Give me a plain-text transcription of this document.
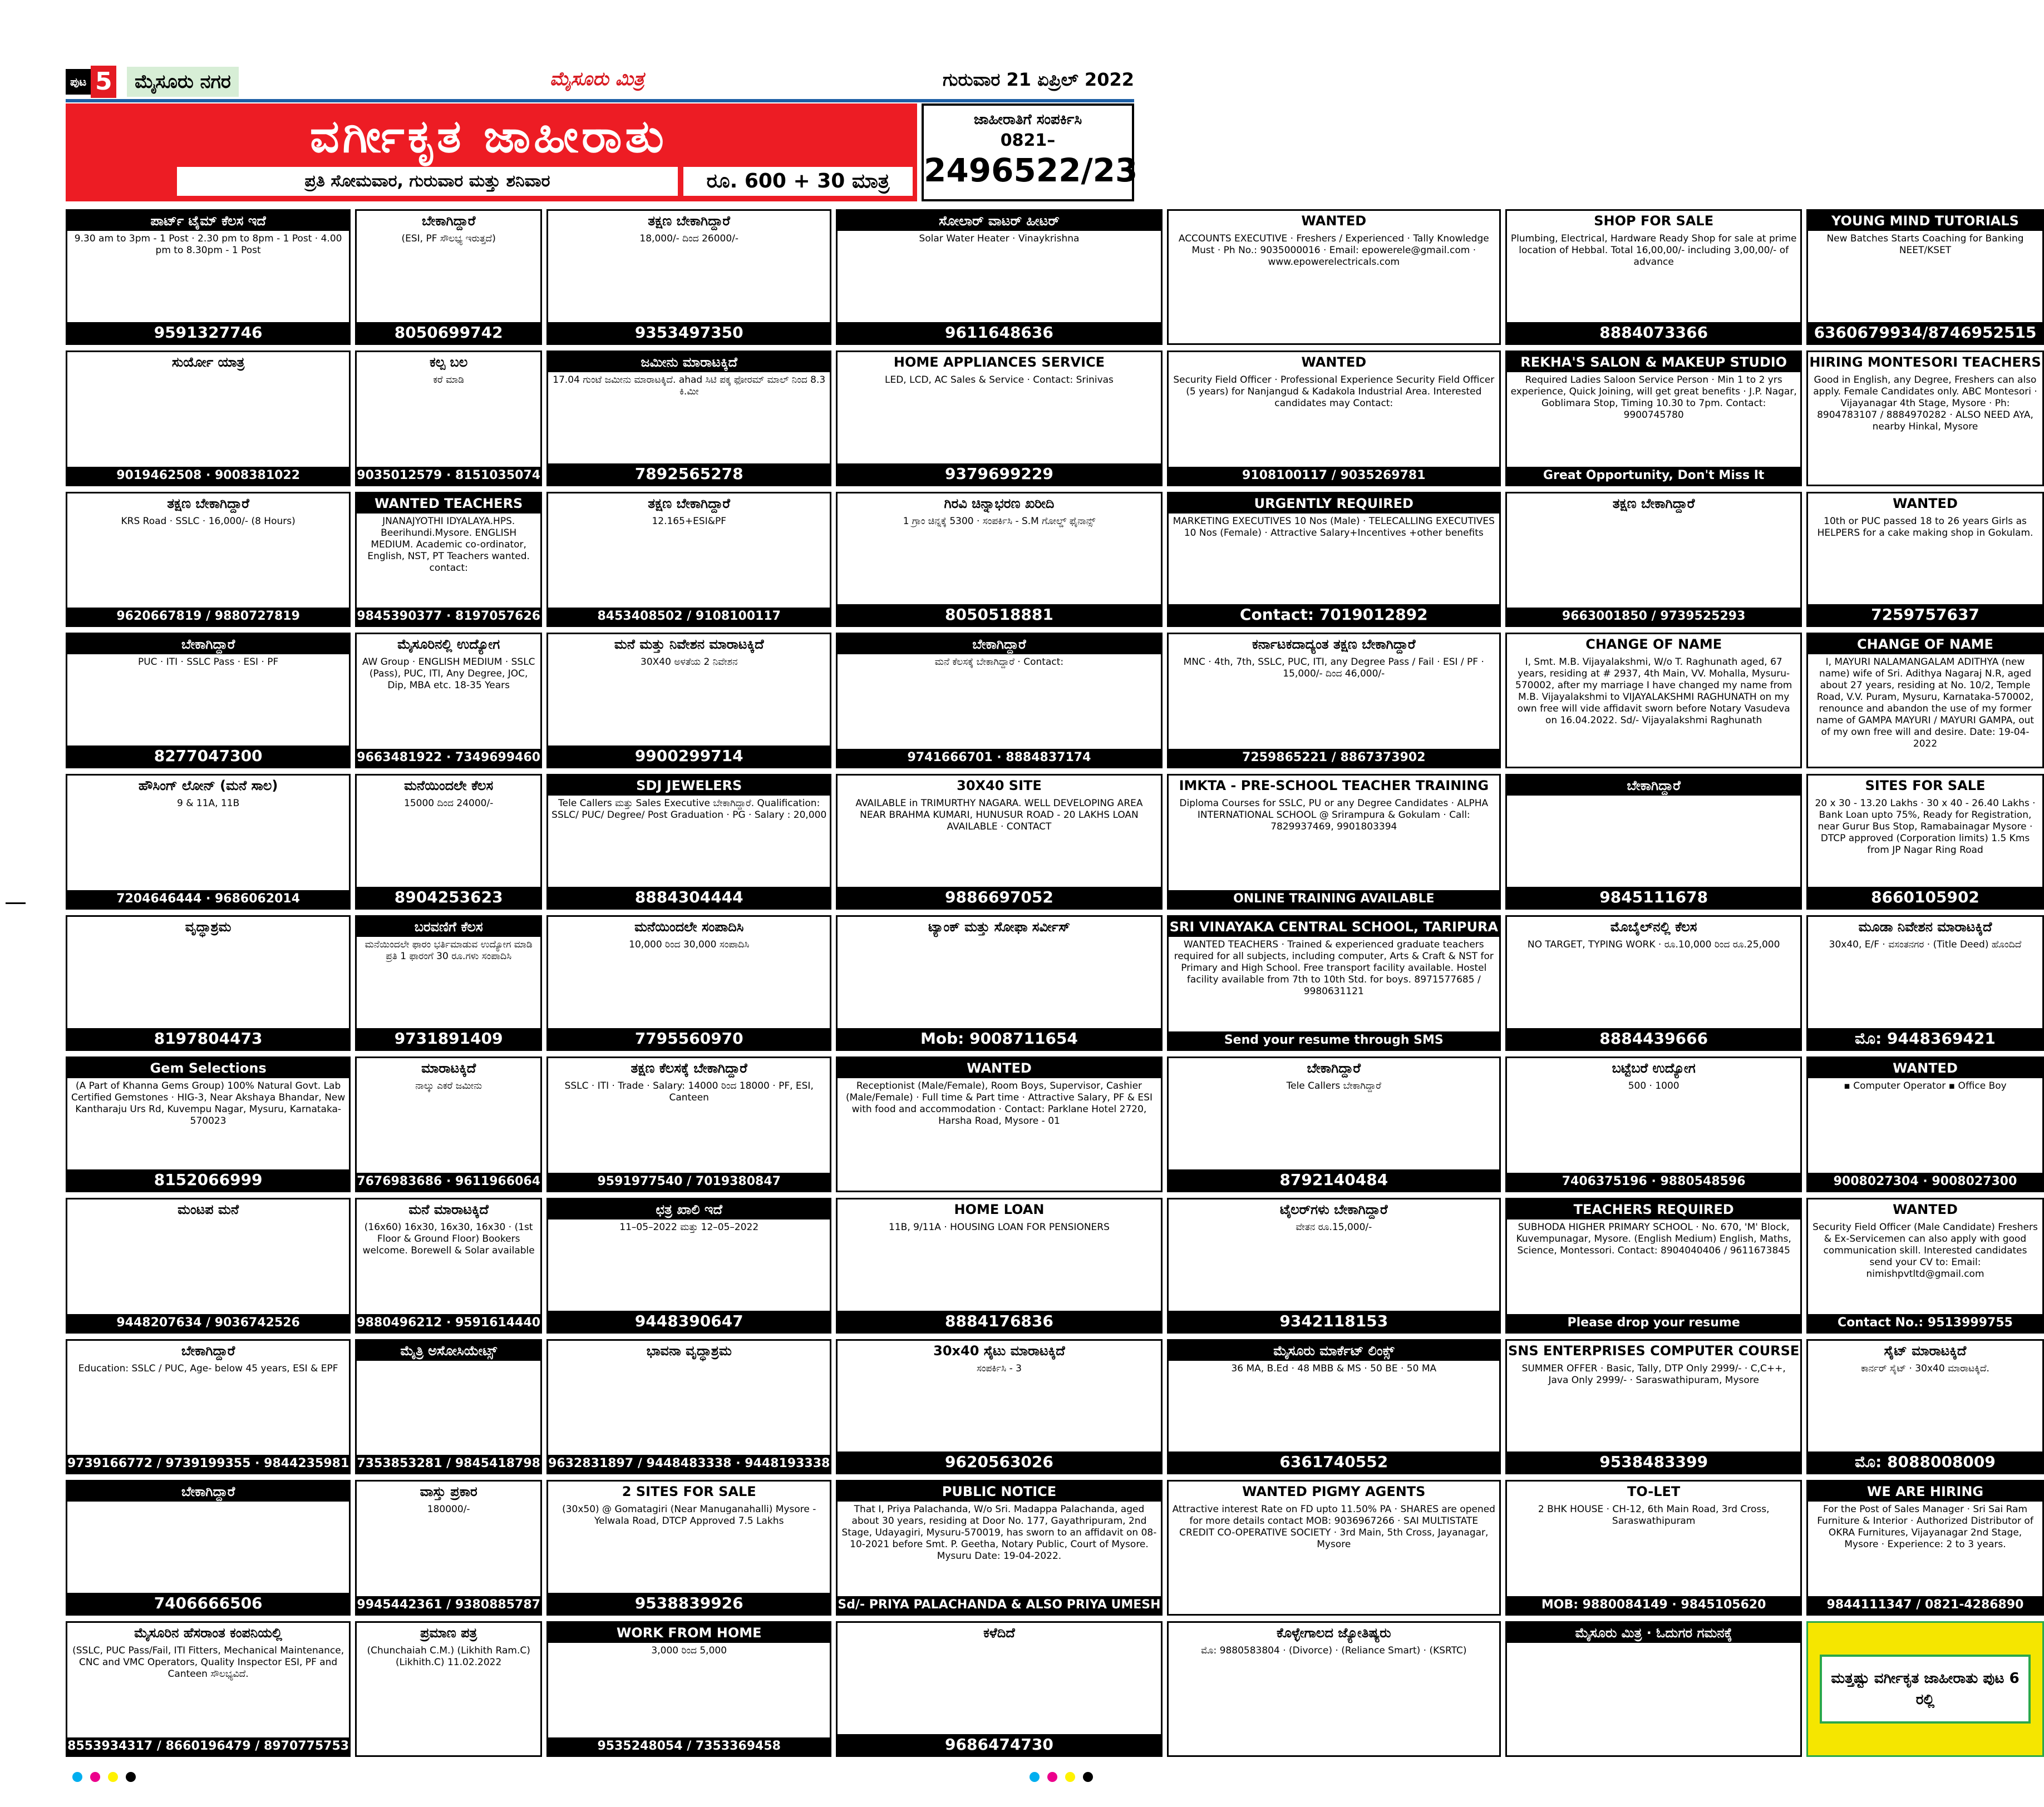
ಪುಟ 5	ಮೈಸೂರು ನಗರ	ಮೈಸೂರು ಮಿತ್ರ	ಗುರುವಾರ 21 ಏಪ್ರಿಲ್ 2022
ವರ್ಗೀಕೃತ ಜಾಹೀರಾತು
ಪ್ರತಿ ಸೋಮವಾರ, ಗುರುವಾರ ಮತ್ತು ಶನಿವಾರ	ರೂ. 600 + 30 ಮಾತ್ರ
ಜಾಹೀರಾತಿಗೆ ಸಂಪರ್ಕಿಸಿ
0821–
2496522/23
ಪಾರ್ಟ್ ಟೈಮ್ ಕೆಲಸ ಇದೆ
9.30 am to 3pm - 1 Post · 2.30 pm to 8pm - 1 Post · 4.00 pm to 8.30pm - 1 Post
9591327746
ಬೇಕಾಗಿದ್ದಾರೆ
(ESI, PF ಸೌಲಭ್ಯ ಇರುತ್ತದೆ)
8050699742
ತಕ್ಷಣ ಬೇಕಾಗಿದ್ದಾರೆ
18,000/- ದಿಂದ 26000/-
9353497350
ಸೋಲಾರ್ ವಾಟರ್ ಹೀಟರ್
Solar Water Heater · Vinaykrishna
9611648636
WANTED
ACCOUNTS EXECUTIVE · Freshers / Experienced · Tally Knowledge Must · Ph No.: 9035000016 · Email: epowerele@gmail.com · www.epowerelectricals.com
SHOP FOR SALE
Plumbing, Electrical, Hardware Ready Shop for sale at prime location of Hebbal. Total 16,00,00/- including 3,00,00/- of advance
8884073366
YOUNG MIND TUTORIALS
New Batches Starts Coaching for Banking NEET/KSET
6360679934/8746952515
ಸುರ್ಯೋ ಯಾತ್ರ
9019462508 · 9008381022
ಕಲ್ಪ ಬಲ
ಕರೆ ಮಾಡಿ
9035012579 · 8151035074
ಜಮೀನು ಮಾರಾಟಕ್ಕಿದೆ
17.04 ಗುಂಟೆ ಜಮೀನು ಮಾರಾಟಕ್ಕಿದೆ. ahad ಸಿಟಿ ಪಕ್ಕ ಫೋರಮ್ ಮಾಲ್ ನಿಂದ 8.3 ಕಿ.ಮೀ
7892565278
HOME APPLIANCES SERVICE
LED, LCD, AC Sales & Service · Contact: Srinivas
9379699229
WANTED
Security Field Officer · Professional Experience Security Field Officer (5 years) for Nanjangud & Kadakola Industrial Area. Interested candidates may Contact:
9108100117 / 9035269781
REKHA'S SALON & MAKEUP STUDIO
Required Ladies Saloon Service Person · Min 1 to 2 yrs experience, Quick Joining, will get great benefits · J.P. Nagar, Goblimara Stop, Timing 10.30 to 7pm. Contact: 9900745780
Great Opportunity, Don't Miss It
HIRING MONTESORI TEACHERS
Good in English, any Degree, Freshers can also apply. Female Candidates only. ABC Montesori · Vijayanagar 4th Stage, Mysore · Ph: 8904783107 / 8884970282 · ALSO NEED AYA, nearby Hinkal, Mysore
ತಕ್ಷಣ ಬೇಕಾಗಿದ್ದಾರೆ
KRS Road · SSLC · 16,000/- (8 Hours)
9620667819 / 9880727819
WANTED TEACHERS
JNANAJYOTHI IDYALAYA.HPS. Beerihundi.Mysore. ENGLISH MEDIUM. Academic co-ordinator, English, NST, PT Teachers wanted. contact:
9845390377 · 8197057626
ತಕ್ಷಣ ಬೇಕಾಗಿದ್ದಾರೆ
12.165+ESI&PF
8453408502 / 9108100117
ಗಿರವಿ ಚಿನ್ನಾಭರಣ ಖರೀದಿ
1 ಗ್ರಾಂ ಚಿನ್ನಕ್ಕೆ 5300 · ಸಂಪರ್ಕಿಸಿ - S.M ಗೋಲ್ಡ್ ಫೈನಾನ್ಸ್
8050518881
URGENTLY REQUIRED
MARKETING EXECUTIVES 10 Nos (Male) · TELECALLING EXECUTIVES 10 Nos (Female) · Attractive Salary+Incentives +other benefits
Contact: 7019012892
ತಕ್ಷಣ ಬೇಕಾಗಿದ್ದಾರೆ
9663001850 / 9739525293
WANTED
10th or PUC passed 18 to 26 years Girls as HELPERS for a cake making shop in Gokulam.
7259757637
ಬೇಕಾಗಿದ್ದಾರೆ
PUC · ITI · SSLC Pass · ESI · PF
8277047300
ಮೈಸೂರಿನಲ್ಲಿ ಉದ್ಯೋಗ
AW Group · ENGLISH MEDIUM · SSLC (Pass), PUC, ITI, Any Degree, JOC, Dip, MBA etc. 18-35 Years
9663481922 · 7349699460
ಮನೆ ಮತ್ತು ನಿವೇಶನ ಮಾರಾಟಕ್ಕಿದೆ
30X40 ಅಳತೆಯ 2 ನಿವೇಶನ
9900299714
ಬೇಕಾಗಿದ್ದಾರೆ
ಮನೆ ಕೆಲಸಕ್ಕೆ ಬೇಕಾಗಿದ್ದಾರೆ · Contact:
9741666701 · 8884837174
ಕರ್ನಾಟಕದಾದ್ಯಂತ ತಕ್ಷಣ ಬೇಕಾಗಿದ್ದಾರೆ
MNC · 4th, 7th, SSLC, PUC, ITI, any Degree Pass / Fail · ESI / PF · 15,000/- ದಿಂದ 46,000/-
7259865221 / 8867373902
CHANGE OF NAME
I, Smt. M.B. Vijayalakshmi, W/o T. Raghunath aged, 67 years, residing at # 2937, 4th Main, VV. Mohalla, Mysuru-570002, after my marriage I have changed my name from M.B. Vijayalakshmi to VIJAYALAKSHMI RAGHUNATH on my own free will vide affidavit sworn before Notary Vasudeva on 16.04.2022. Sd/- Vijayalakshmi Raghunath
CHANGE OF NAME
I, MAYURI NALAMANGALAM ADITHYA (new name) wife of Sri. Adithya Nagaraj N.R, aged about 27 years, residing at No. 10/2, Temple Road, V.V. Puram, Mysuru, Karnataka-570002, renounce and abandon the use of my former name of GAMPA MAYURI / MAYURI GAMPA, out of my own free will and desire. Date: 19-04-2022
ಹೌಸಿಂಗ್ ಲೋನ್ (ಮನೆ ಸಾಲ)
9 & 11A, 11B
7204646444 · 9686062014
ಮನೆಯಿಂದಲೇ ಕೆಲಸ
15000 ದಿಂದ 24000/-
8904253623
SDJ JEWELERS
Tele Callers ಮತ್ತು Sales Executive ಬೇಕಾಗಿದ್ದಾರೆ. Qualification: SSLC/ PUC/ Degree/ Post Graduation · PG · Salary : 20,000
8884304444
30X40 SITE
AVAILABLE in TRIMURTHY NAGARA. WELL DEVELOPING AREA NEAR BRAHMA KUMARI, HUNUSUR ROAD - 20 LAKHS LOAN AVAILABLE · CONTACT
9886697052
IMKTA - PRE-SCHOOL TEACHER TRAINING
Diploma Courses for SSLC, PU or any Degree Candidates · ALPHA INTERNATIONAL SCHOOL @ Srirampura & Gokulam · Call: 7829937469, 9901803394
ONLINE TRAINING AVAILABLE
ಬೇಕಾಗಿದ್ದಾರೆ
9845111678
SITES FOR SALE
20 x 30 - 13.20 Lakhs · 30 x 40 - 26.40 Lakhs · Bank Loan upto 75%, Ready for Registration, near Gurur Bus Stop, Ramabainagar Mysore · DTCP approved (Corporation limits) 1.5 Kms from JP Nagar Ring Road
8660105902
ವೃದ್ಧಾಶ್ರಮ
8197804473
ಬರವಣಿಗೆ ಕೆಲಸ
ಮನೆಯಿಂದಲೇ ಫಾರಂ ಭರ್ತಿಮಾಡುವ ಉದ್ಯೋಗ ಮಾಡಿ ಪ್ರತಿ 1 ಫಾರಂಗೆ 30 ರೂ.ಗಳು ಸಂಪಾದಿಸಿ
9731891409
ಮನೆಯಿಂದಲೇ ಸಂಪಾದಿಸಿ
10,000 ರಿಂದ 30,000 ಸಂಪಾದಿಸಿ
7795560970
ಟ್ಯಾಂಕ್ ಮತ್ತು ಸೋಫಾ ಸರ್ವೀಸ್
Mob: 9008711654
SRI VINAYAKA CENTRAL SCHOOL, TARIPURA
WANTED TEACHERS · Trained & experienced graduate teachers required for all subjects, including computer, Arts & Craft & NST for Primary and High School. Free transport facility available. Hostel facility available from 7th to 10th Std. for boys. 8971577685 / 9980631121
Send your resume through SMS
ಮೊಬೈಲ್‌ನಲ್ಲಿ ಕೆಲಸ
NO TARGET, TYPING WORK · ರೂ.10,000 ರಿಂದ ರೂ.25,000
8884439666
ಮೂಡಾ ನಿವೇಶನ ಮಾರಾಟಕ್ಕಿದೆ
30x40, E/F · ವಸಂತನಗರ · (Title Deed) ಹೊಂದಿದೆ
ಮೊ: 9448369421
Gem Selections
(A Part of Khanna Gems Group) 100% Natural Govt. Lab Certified Gemstones · HIG-3, Near Akshaya Bhandar, New Kantharaju Urs Rd, Kuvempu Nagar, Mysuru, Karnataka-570023
8152066999
ಮಾರಾಟಕ್ಕಿದೆ
ನಾಲ್ಕು ಎಕರೆ ಜಮೀನು
7676983686 · 9611966064
ತಕ್ಷಣ ಕೆಲಸಕ್ಕೆ ಬೇಕಾಗಿದ್ದಾರೆ
SSLC · ITI · Trade · Salary: 14000 ರಿಂದ 18000 · PF, ESI, Canteen
9591977540 / 7019380847
WANTED
Receptionist (Male/Female), Room Boys, Supervisor, Cashier (Male/Female) · Full time & Part time · Attractive Salary, PF & ESI with food and accommodation · Contact: Parklane Hotel 2720, Harsha Road, Mysore - 01
ಬೇಕಾಗಿದ್ದಾರೆ
Tele Callers ಬೇಕಾಗಿದ್ದಾರೆ
8792140484
ಬಟ್ಟೆಬರೆ ಉದ್ಯೋಗ
500 · 1000
7406375196 · 9880548596
WANTED
▪ Computer Operator ▪ Office Boy
9008027304 · 9008027300
ಮಂಟಪ ಮನೆ
9448207634 / 9036742526
ಮನೆ ಮಾರಾಟಕ್ಕಿದೆ
(16x60) 16x30, 16x30, 16x30 · (1st Floor & Ground Floor) Bookers welcome. Borewell & Solar available
9880496212 · 9591614440
ಛತ್ರ ಖಾಲಿ ಇದೆ
11–05–2022 ಮತ್ತು 12–05–2022
9448390647
HOME LOAN
11B, 9/11A · HOUSING LOAN FOR PENSIONERS
8884176836
ಟೈಲರ್‌ಗಳು ಬೇಕಾಗಿದ್ದಾರೆ
ವೇತನ ರೂ.15,000/-
9342118153
TEACHERS REQUIRED
SUBHODA HIGHER PRIMARY SCHOOL · No. 670, 'M' Block, Kuvempunagar, Mysore. (English Medium) English, Maths, Science, Montessori. Contact: 8904040406 / 9611673845
Please drop your resume
WANTED
Security Field Officer (Male Candidate) Freshers & Ex-Servicemen can also apply with good communication skill. Interested candidates send your CV to: Email: nimishpvtltd@gmail.com
Contact No.: 9513999755
ಬೇಕಾಗಿದ್ದಾರೆ
Education: SSLC / PUC, Age- below 45 years, ESI & EPF
9739166772 / 9739199355 · 9844235981
ಮೈತ್ರಿ ಅಸೋಸಿಯೇಟ್ಸ್
7353853281 / 9845418798
ಭಾವನಾ ವೃದ್ಧಾಶ್ರಮ
9632831897 / 9448483338 · 9448193338
30x40 ಸೈಟು ಮಾರಾಟಕ್ಕಿದೆ
ಸಂಪರ್ಕಿಸಿ - 3
9620563026
ಮೈಸೂರು ಮಾರ್ಕೆಟ್ ಲಿಂಕ್ಸ್
36 MA, B.Ed · 48 MBB & MS · 50 BE · 50 MA
6361740552
SNS ENTERPRISES COMPUTER COURSE
SUMMER OFFER · Basic, Tally, DTP Only 2999/- · C,C++, Java Only 2999/- · Saraswathipuram, Mysore
9538483399
ಸೈಟ್ ಮಾರಾಟಕ್ಕಿದೆ
ಕಾರ್ನರ್ ಸೈಟ್ · 30x40 ಮಾರಾಟಕ್ಕಿದೆ.
ಮೊ: 8088008009
ಬೇಕಾಗಿದ್ದಾರೆ
7406666506
ವಾಸ್ತು ಪ್ರಕಾರ
180000/-
9945442361 / 9380885787
2 SITES FOR SALE
(30x50) @ Gomatagiri (Near Manuganahalli) Mysore - Yelwala Road, DTCP Approved 7.5 Lakhs
9538839926
PUBLIC NOTICE
That I, Priya Palachanda, W/o Sri. Madappa Palachanda, aged about 30 years, residing at Door No. 177, Gayathripuram, 2nd Stage, Udayagiri, Mysuru-570019, has sworn to an affidavit on 08-10-2021 before Smt. P. Geetha, Notary Public, Court of Mysore. Mysuru Date: 19-04-2022.
Sd/- PRIYA PALACHANDA & ALSO PRIYA UMESH
WANTED PIGMY AGENTS
Attractive interest Rate on FD upto 11.50% PA · SHARES are opened for more details contact MOB: 9036967266 · SAI MULTISTATE CREDIT CO-OPERATIVE SOCIETY · 3rd Main, 5th Cross, Jayanagar, Mysore
TO-LET
2 BHK HOUSE · CH-12, 6th Main Road, 3rd Cross, Saraswathipuram
MOB: 9880084149 · 9845105620
WE ARE HIRING
For the Post of Sales Manager · Sri Sai Ram Furniture & Interior · Authorized Distributor of OKRA Furnitures, Vijayanagar 2nd Stage, Mysore · Experience: 2 to 3 years.
9844111347 / 0821-4286890
ಮೈಸೂರಿನ ಹೆಸರಾಂತ ಕಂಪನಿಯಲ್ಲಿ
(SSLC, PUC Pass/Fail, ITI Fitters, Mechanical Maintenance, CNC and VMC Operators, Quality Inspector ESI, PF and Canteen ಸೌಲಭ್ಯವಿದೆ.
8553934317 / 8660196479 / 8970775753
ಪ್ರಮಾಣ ಪತ್ರ
(Chunchaiah C.M.) (Likhith Ram.C) (Likhith.C) 11.02.2022
WORK FROM HOME
3,000 ರಿಂದ 5,000
9535248054 / 7353369458
ಕಳೆದಿದೆ
9686474730
ಕೊಳ್ಳೇಗಾಲದ ಜ್ಯೋತಿಷ್ಯರು
ಮೊ: 9880583804 · (Divorce) · (Reliance Smart) · (KSRTC)
ಮೈಸೂರು ಮಿತ್ರ · ಓದುಗರ ಗಮನಕ್ಕೆ
ಮತ್ತಷ್ಟು ವರ್ಗೀಕೃತ ಜಾಹೀರಾತು ಪುಟ 6 ರಲ್ಲಿ
